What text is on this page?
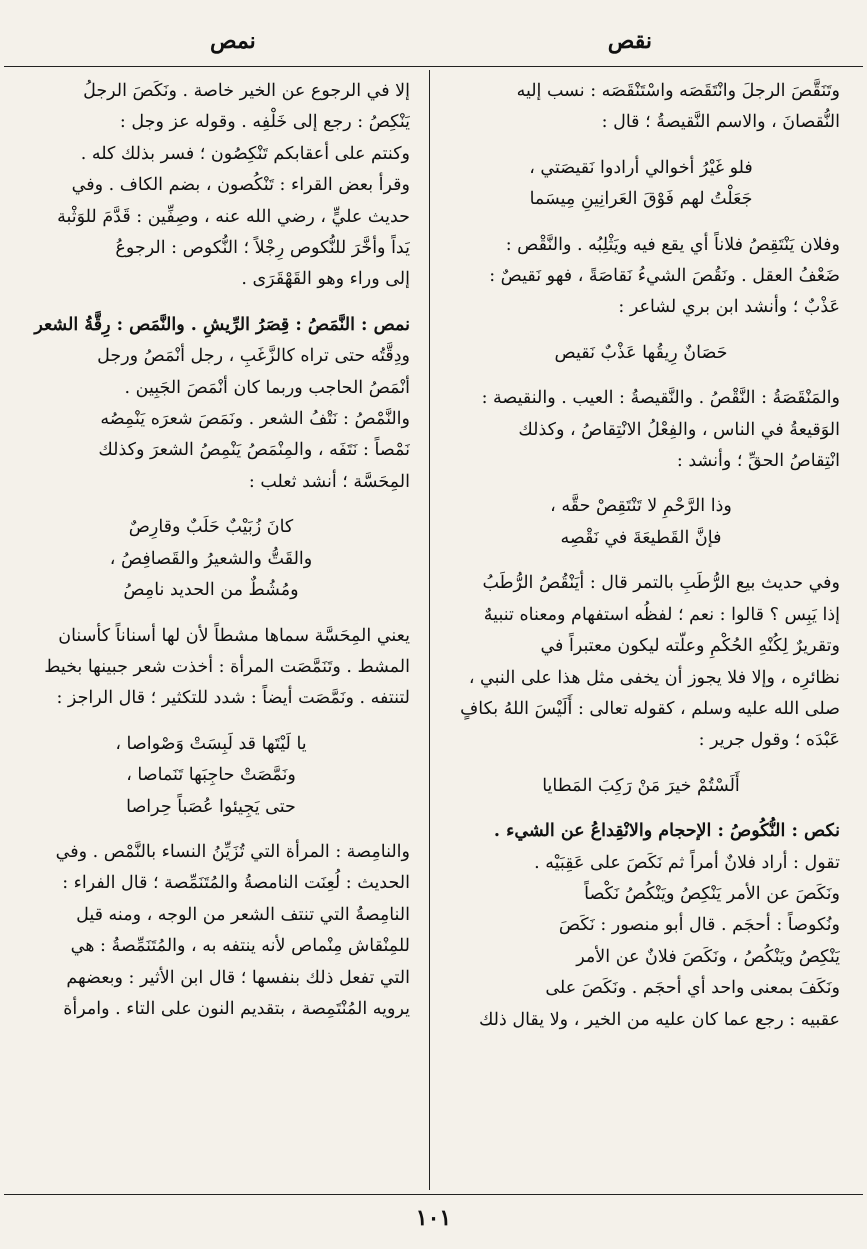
نقص
نمص

وتَنَقَّصَ الرجلَ وانْتَقَصَه واسْتَنْقَصَه : نسب إليه

النُّقصانَ ، والاسم النَّقيصةُ ؛ قال :

فلو غَيْرُ أخوالي أرادوا نَقيصَتي ،

جَعَلْتُ لهم فَوْقَ العَرانِينِ مِيسَما

وفلان يَنْتَقِصُ فلاناً أي يقع فيه ويَثْلِبُه . والنَّقْص :

ضَعْفُ العقل . ونَقُصَ الشيءُ نَقاصَةً ، فهو نَقيصٌ :

عَذْبٌ ؛ وأنشد ابن بري لشاعر :

حَصَانٌ رِيقُها عَذْبٌ نَقيص

والمَنْقَصَةُ : النَّقْصُ . والنَّقيصةُ : العيب . والنقيصة :

الوَقيعةُ في الناس ، والفِعْلُ الانْتِقاصُ ، وكذلك

انْتِقاصُ الحقِّ ؛ وأنشد :

وذا الرَّحْمِ لا تَنْتَقِصْ حقَّه ،

فإنَّ القَطيعَةَ في نَقْصِه

وفي حديث بيع الرُّطَبِ بالتمر قال : أيَنْقُصُ الرُّطَبُ

إذا يَبِس ؟ قالوا : نعم ؛ لفظُه استفهام ومعناه تنبيهٌ

وتقريرٌ لِكُنْهِ الحُكْمِ وعلّته ليكون معتبراً في

نظائرِه ، وإلا فلا يجوز أن يخفى مثل هذا على النبي ،

صلى الله عليه وسلم ، كقوله تعالى : أَلَيْسَ اللهُ بكافٍ

عَبْدَه ؛ وقول جرير :

أَلَسْتُمْ خيرَ مَنْ رَكِبَ المَطايا

نكص : النُّكُوصُ : الإحجام والانْقِداعُ عن الشيء .

تقول : أراد فلانٌ أمراً ثم نَكَصَ على عَقِبَيْه .

ونَكَصَ عن الأمر يَنْكِصُ ويَنْكُصُ نَكْصاً

ونُكوصاً : أحجَم . قال أبو منصور : نَكَصَ

يَنْكِصُ ويَنْكُصُ ، ونَكَصَ فلانٌ عن الأمر

ونَكَفَ بمعنى واحد أي أحجَم . ونَكَصَ على

عقبيه : رجع عما كان عليه من الخير ، ولا يقال ذلك

إلا في الرجوع عن الخير خاصة . ونَكَصَ الرجلُ

يَنْكِصُ : رجع إلى خَلْفِه . وقوله عز وجل :

وكنتم على أعقابكم تَنْكِصُون ؛ فسر بذلك كله .

وقرأ بعض القراء : تَنْكُصون ، بضم الكاف . وفي

حديث عليٍّ ، رضي الله عنه ، وصِفِّين : قَدَّمَ للوَثْبة

يَداً وأخَّرَ للنُّكوص رِجْلاً ؛ النُّكوص : الرجوعُ

إلى وراء وهو القَهْقَرَى .

نمص : النَّمَصُ : قِصَرُ الرِّيشِ . والنَّمَص : رِقَّةُ الشعر

ودِقَّتُه حتى تراه كالزَّغَبِ ، رجل أنْمَصُ ورجل

أنْمَصُ الحاجب وربما كان أنْمَصَ الجَبِين .

والنَّمْصُ : نَتْفُ الشعر . ونَمَصَ شعرَه يَنْمِصُه

نَمْصاً : نَتَفَه ، والمِنْمَصُ يَنْمِصُ الشعرَ وكذلك

المِحَسَّة ؛ أنشد ثعلب :

كانَ زُبَيْبٌ حَلَبٌ وقارِصٌ

والقَتُّ والشعيرُ والقَصافِصُ ،

ومُشُطٌ من الحديد نامِصُ

يعني المِحَسَّة سماها مشطاً لأن لها أسناناً كأسنان

المشط . وتَنَمَّصَت المرأة : أخذت شعر جبينها بخيط

لتنتفه . ونَمَّصَت أيضاً : شدد للتكثير ؛ قال الراجز :

يا لَيْتَها قد لَبِسَتْ وَصْواصا ،

ونَمَّصَتْ حاجِبَها تَنَماصا ،

حتى يَجِيئوا عُصَباً حِراصا

والنامِصة : المرأة التي تُزَيِّنُ النساء بالنَّمْص . وفي

الحديث : لُعِنَت النامصةُ والمُتَنَمِّصة ؛ قال الفراء :

النامِصةُ التي تنتف الشعر من الوجه ، ومنه قيل

للمِنْقاش مِنْماص لأنه ينتفه به ، والمُتَنَمِّصةُ : هي

التي تفعل ذلك بنفسها ؛ قال ابن الأثير : وبعضهم

يرويه المُنْتَمِصة ، بتقديم النون على التاء . وامرأة

١٠١
